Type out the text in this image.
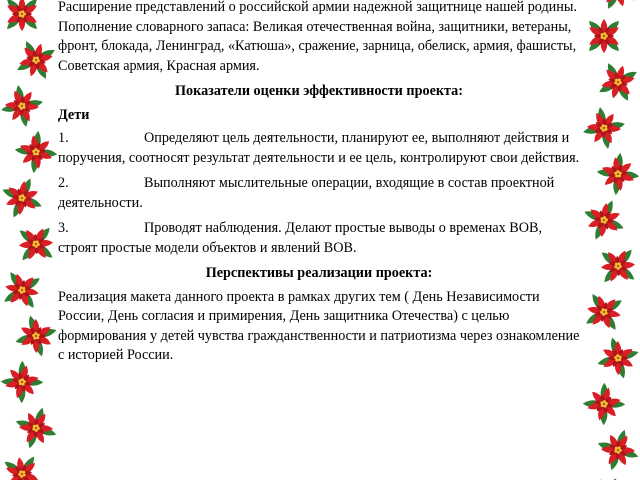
Расширение представлений о российской армии надежной защитнице нашей родины. Пополнение словарного запаса: Великая отечественная война, защитники, ветераны, фронт, блокада, Ленинград, «Катюша», сражение, зарница, обелиск, армия, фашисты, Советская армия, Красная армия.

Показатели оценки эффективности проекта:
Дети
1.	Определяют цель деятельности, планируют ее, выполняют действия и поручения, соотносят результат деятельности и ее цель, контролируют свои действия.
2.	Выполняют мыслительные операции, входящие в состав проектной деятельности.
3.	Проводят наблюдения. Делают простые выводы о временах ВОВ, строят простые модели объектов и явлений ВОВ.
Перспективы реализации проекта:

Реализация макета данного проекта в рамках других тем ( День Независимости России, День согласия и примирения, День защитника Отечества) с целью формирования у детей чувства гражданственности и патриотизма через ознакомление с историей России.
